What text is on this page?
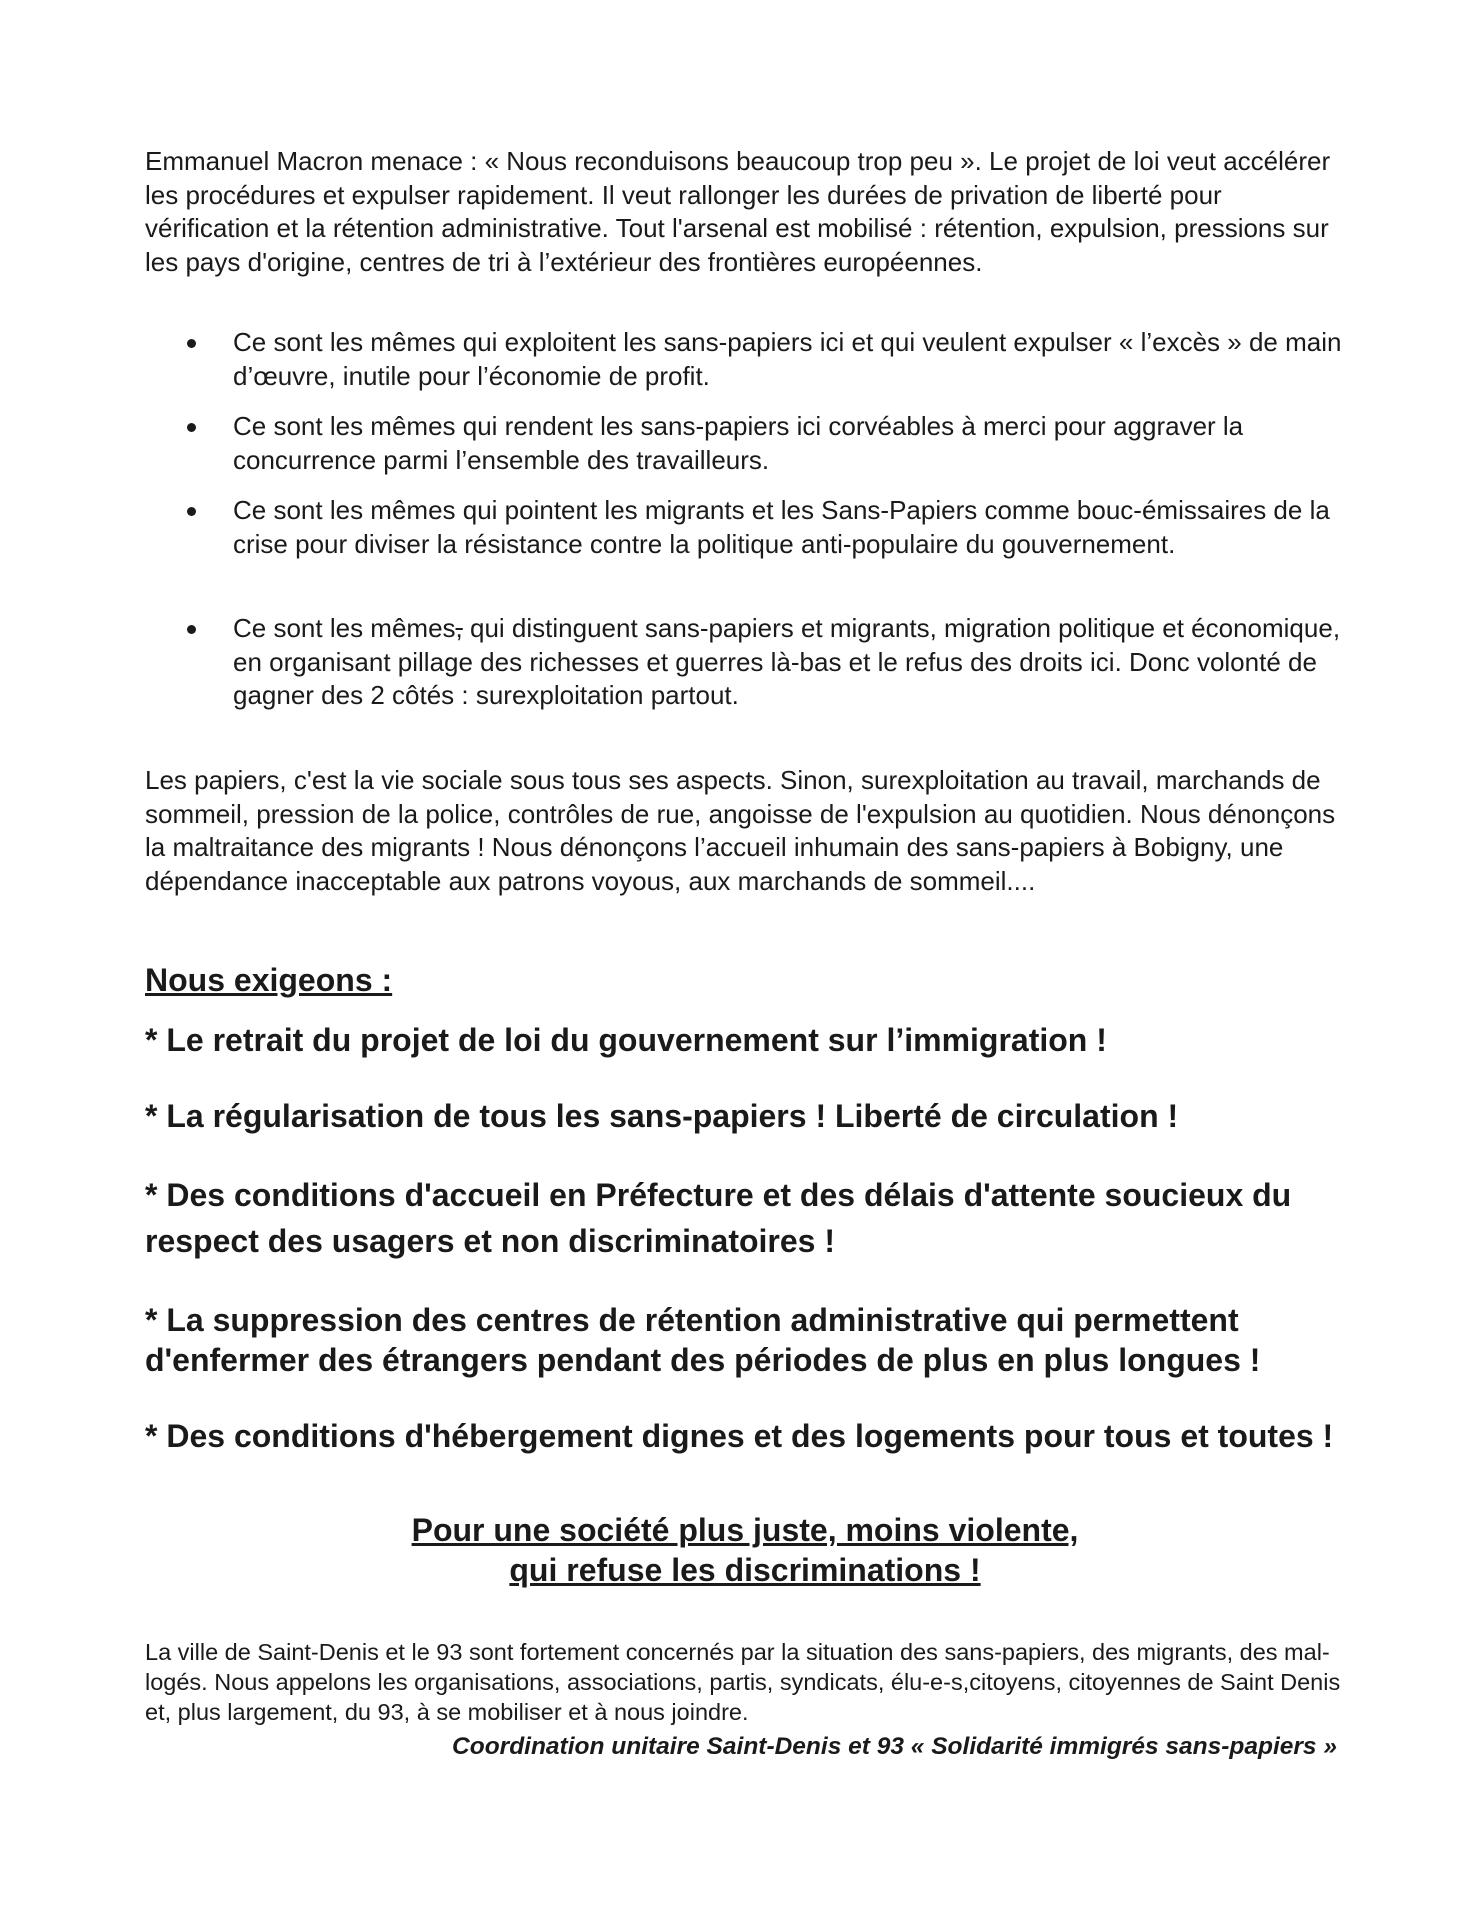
Emmanuel Macron menace : « Nous reconduisons beaucoup trop peu ». Le projet de loi veut accélérer les procédures et expulser rapidement. Il veut rallonger les durées de privation de liberté pour vérification et la rétention administrative. Tout l'arsenal est mobilisé : rétention, expulsion, pressions sur les pays d'origine, centres de tri à l’extérieur des frontières européennes.

Ce sont les mêmes qui exploitent les sans-papiers ici et qui veulent expulser « l’excès » de main d’œuvre, inutile pour l’économie de profit.
Ce sont les mêmes qui rendent les sans-papiers ici corvéables à merci pour aggraver la concurrence parmi l’ensemble des travailleurs.
Ce sont les mêmes qui pointent les migrants et les Sans-Papiers comme bouc-émissaires de la crise pour diviser la résistance contre la politique anti-populaire du gouvernement.
Ce sont les mêmes, qui distinguent sans-papiers et migrants, migration politique et économique, en organisant pillage des richesses et guerres là-bas et le refus des droits ici. Donc volonté de gagner des 2 côtés : surexploitation partout.

Les papiers, c'est la vie sociale sous tous ses aspects. Sinon, surexploitation au travail, marchands de sommeil, pression de la police, contrôles de rue, angoisse de l'expulsion au quotidien. Nous dénonçons la maltraitance des migrants ! Nous dénonçons l’accueil inhumain des sans-papiers à Bobigny, une dépendance inacceptable aux patrons voyous, aux marchands de sommeil....

Nous exigeons :
* Le retrait du projet de loi du gouvernement sur l’immigration !
* La régularisation de tous les sans-papiers ! Liberté de circulation !
* Des conditions d'accueil en Préfecture et des délais d'attente soucieux du respect des usagers et non discriminatoires !
* La suppression des centres de rétention administrative qui permettent d'enfermer des étrangers pendant des périodes de plus en plus longues !
* Des conditions d'hébergement dignes et des logements pour tous et toutes !
Pour une société plus juste, moins violente,
qui refuse les discriminations !

La ville de Saint-Denis et le 93 sont fortement concernés par la situation des sans-papiers, des migrants, des mal-logés. Nous appelons les organisations, associations, partis, syndicats, élu-e-s,citoyens, citoyennes de Saint Denis et, plus largement, du 93, à se mobiliser et à nous joindre.

Coordination unitaire Saint-Denis et 93 « Solidarité immigrés sans-papiers »
